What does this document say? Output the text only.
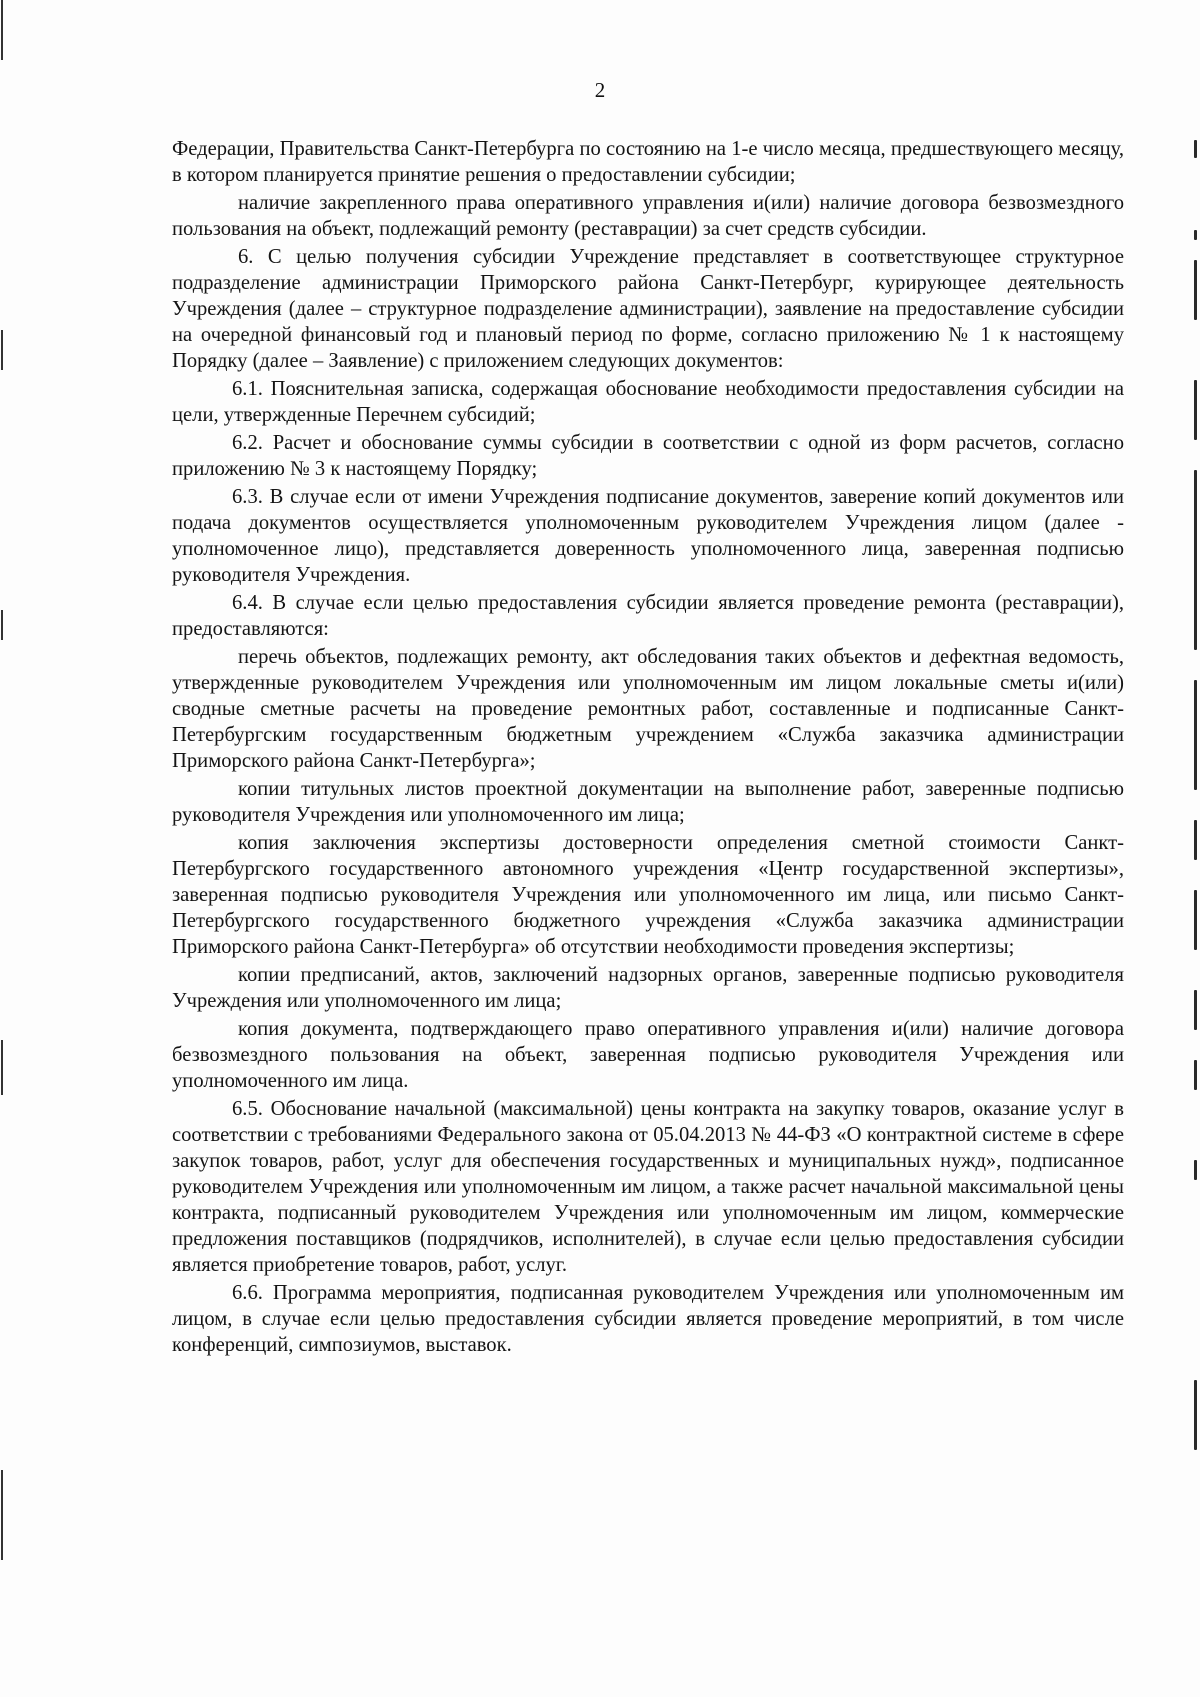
2

Федерации, Правительства Санкт-Петербурга по состоянию на 1-е число месяца, предшествующего месяцу, в котором планируется принятие решения о предоставлении субсидии;

наличие закрепленного права оперативного управления и(или) наличие договора безвозмездного пользования на объект, подлежащий ремонту (реставрации) за счет средств субсидии.

6. С целью получения субсидии Учреждение представляет в соответствующее структурное подразделение администрации Приморского района Санкт-Петербург, курирующее деятельность Учреждения (далее – структурное подразделение администрации), заявление на предоставление субсидии на очередной финансовый год и плановый период по форме, согласно приложению № 1 к настоящему Порядку (далее – Заявление) с приложением следующих документов:

6.1. Пояснительная записка, содержащая обоснование необходимости предоставления субсидии на цели, утвержденные Перечнем субсидий;

6.2. Расчет и обоснование суммы субсидии в соответствии с одной из форм расчетов, согласно приложению № 3 к настоящему Порядку;

6.3. В случае если от имени Учреждения подписание документов, заверение копий документов или подача документов осуществляется уполномоченным руководителем Учреждения лицом (далее - уполномоченное лицо), представляется доверенность уполномоченного лица, заверенная подписью руководителя Учреждения.

6.4. В случае если целью предоставления субсидии является проведение ремонта (реставрации), предоставляются:

перечь объектов, подлежащих ремонту, акт обследования таких объектов и дефектная ведомость, утвержденные руководителем Учреждения или уполномоченным им лицом локальные сметы и(или) сводные сметные расчеты на проведение ремонтных работ, составленные и подписанные Санкт-Петербургским государственным бюджетным учреждением «Служба заказчика администрации Приморского района Санкт-Петербурга»;

копии титульных листов проектной документации на выполнение работ, заверенные подписью руководителя Учреждения или уполномоченного им лица;

копия заключения экспертизы достоверности определения сметной стоимости Санкт-Петербургского государственного автономного учреждения «Центр государственной экспертизы», заверенная подписью руководителя Учреждения или уполномоченного им лица, или письмо Санкт-Петербургского государственного бюджетного учреждения «Служба заказчика администрации Приморского района Санкт-Петербурга» об отсутствии необходимости проведения экспертизы;

копии предписаний, актов, заключений надзорных органов, заверенные подписью руководителя Учреждения или уполномоченного им лица;

копия документа, подтверждающего право оперативного управления и(или) наличие договора безвозмездного пользования на объект, заверенная подписью руководителя Учреждения или уполномоченного им лица.

6.5. Обоснование начальной (максимальной) цены контракта на закупку товаров, оказание услуг в соответствии с требованиями Федерального закона от 05.04.2013 № 44-ФЗ «О контрактной системе в сфере закупок товаров, работ, услуг для обеспечения государственных и муниципальных нужд», подписанное руководителем Учреждения или уполномоченным им лицом, а также расчет начальной максимальной цены контракта, подписанный руководителем Учреждения или уполномоченным им лицом, коммерческие предложения поставщиков (подрядчиков, исполнителей), в случае если целью предоставления субсидии является приобретение товаров, работ, услуг.

6.6. Программа мероприятия, подписанная руководителем Учреждения или уполномоченным им лицом, в случае если целью предоставления субсидии является проведение мероприятий, в том числе конференций, симпозиумов, выставок.
